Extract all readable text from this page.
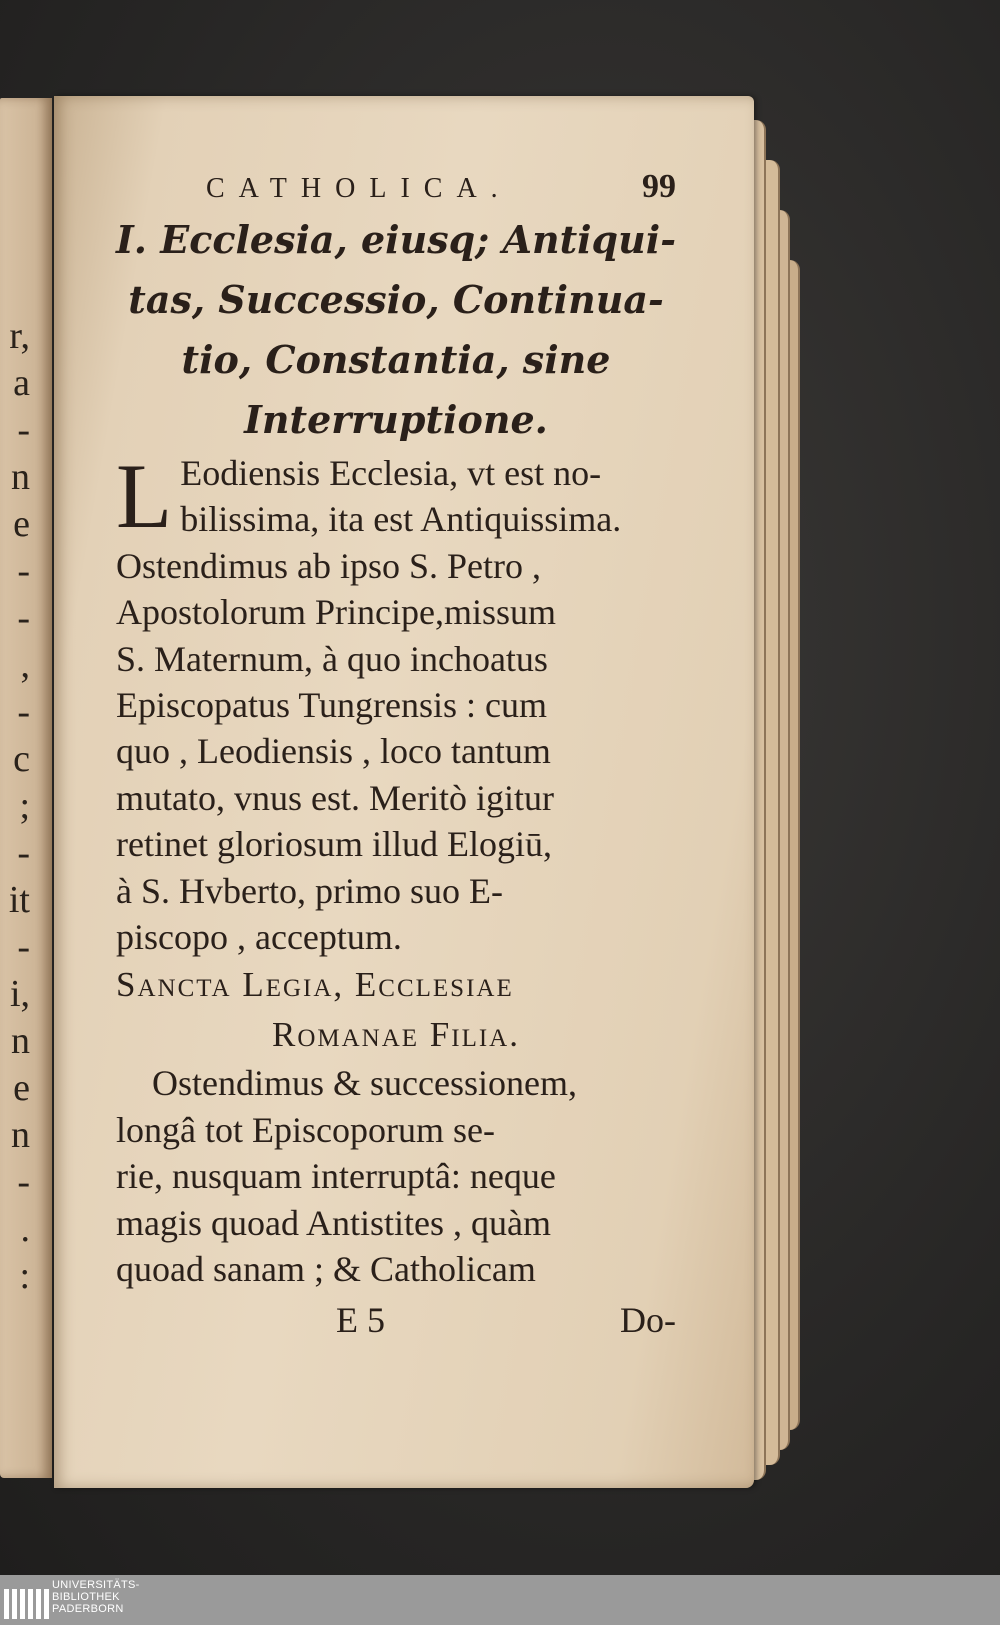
r,
a
-
n
e
-
-
,
-
c
;
-
it
-
i,
n
e
n
-
.
:
CATHOLICA.	99
I. Ecclesia, eiusq; Antiqui-
tas, Successio, Continua-
tio, Constantia, sine
Interruptione.
L Eodiensis Ecclesia, vt est no-
bilissima, ita est Antiquissima.
Ostendimus ab ipso S. Petro ,
Apostolorum Principe,missum
S. Maternum, à quo inchoatus
Episcopatus Tungrensis : cum
quo , Leodiensis , loco tantum
mutato, vnus est. Meritò igitur
retinet gloriosum illud Elogiū,
à S. Hvberto, primo suo E-
piscopo , acceptum.
Sancta Legia, Ecclesiae
Romanae Filia.
Ostendimus & successionem,
longâ tot Episcoporum se-
rie, nusquam interruptâ: neque
magis quoad Antistites , quàm
quoad sanam ; & Catholicam
E 5	Do-
UNIVERSITÄTS-
BIBLIOTHEK
PADERBORN
